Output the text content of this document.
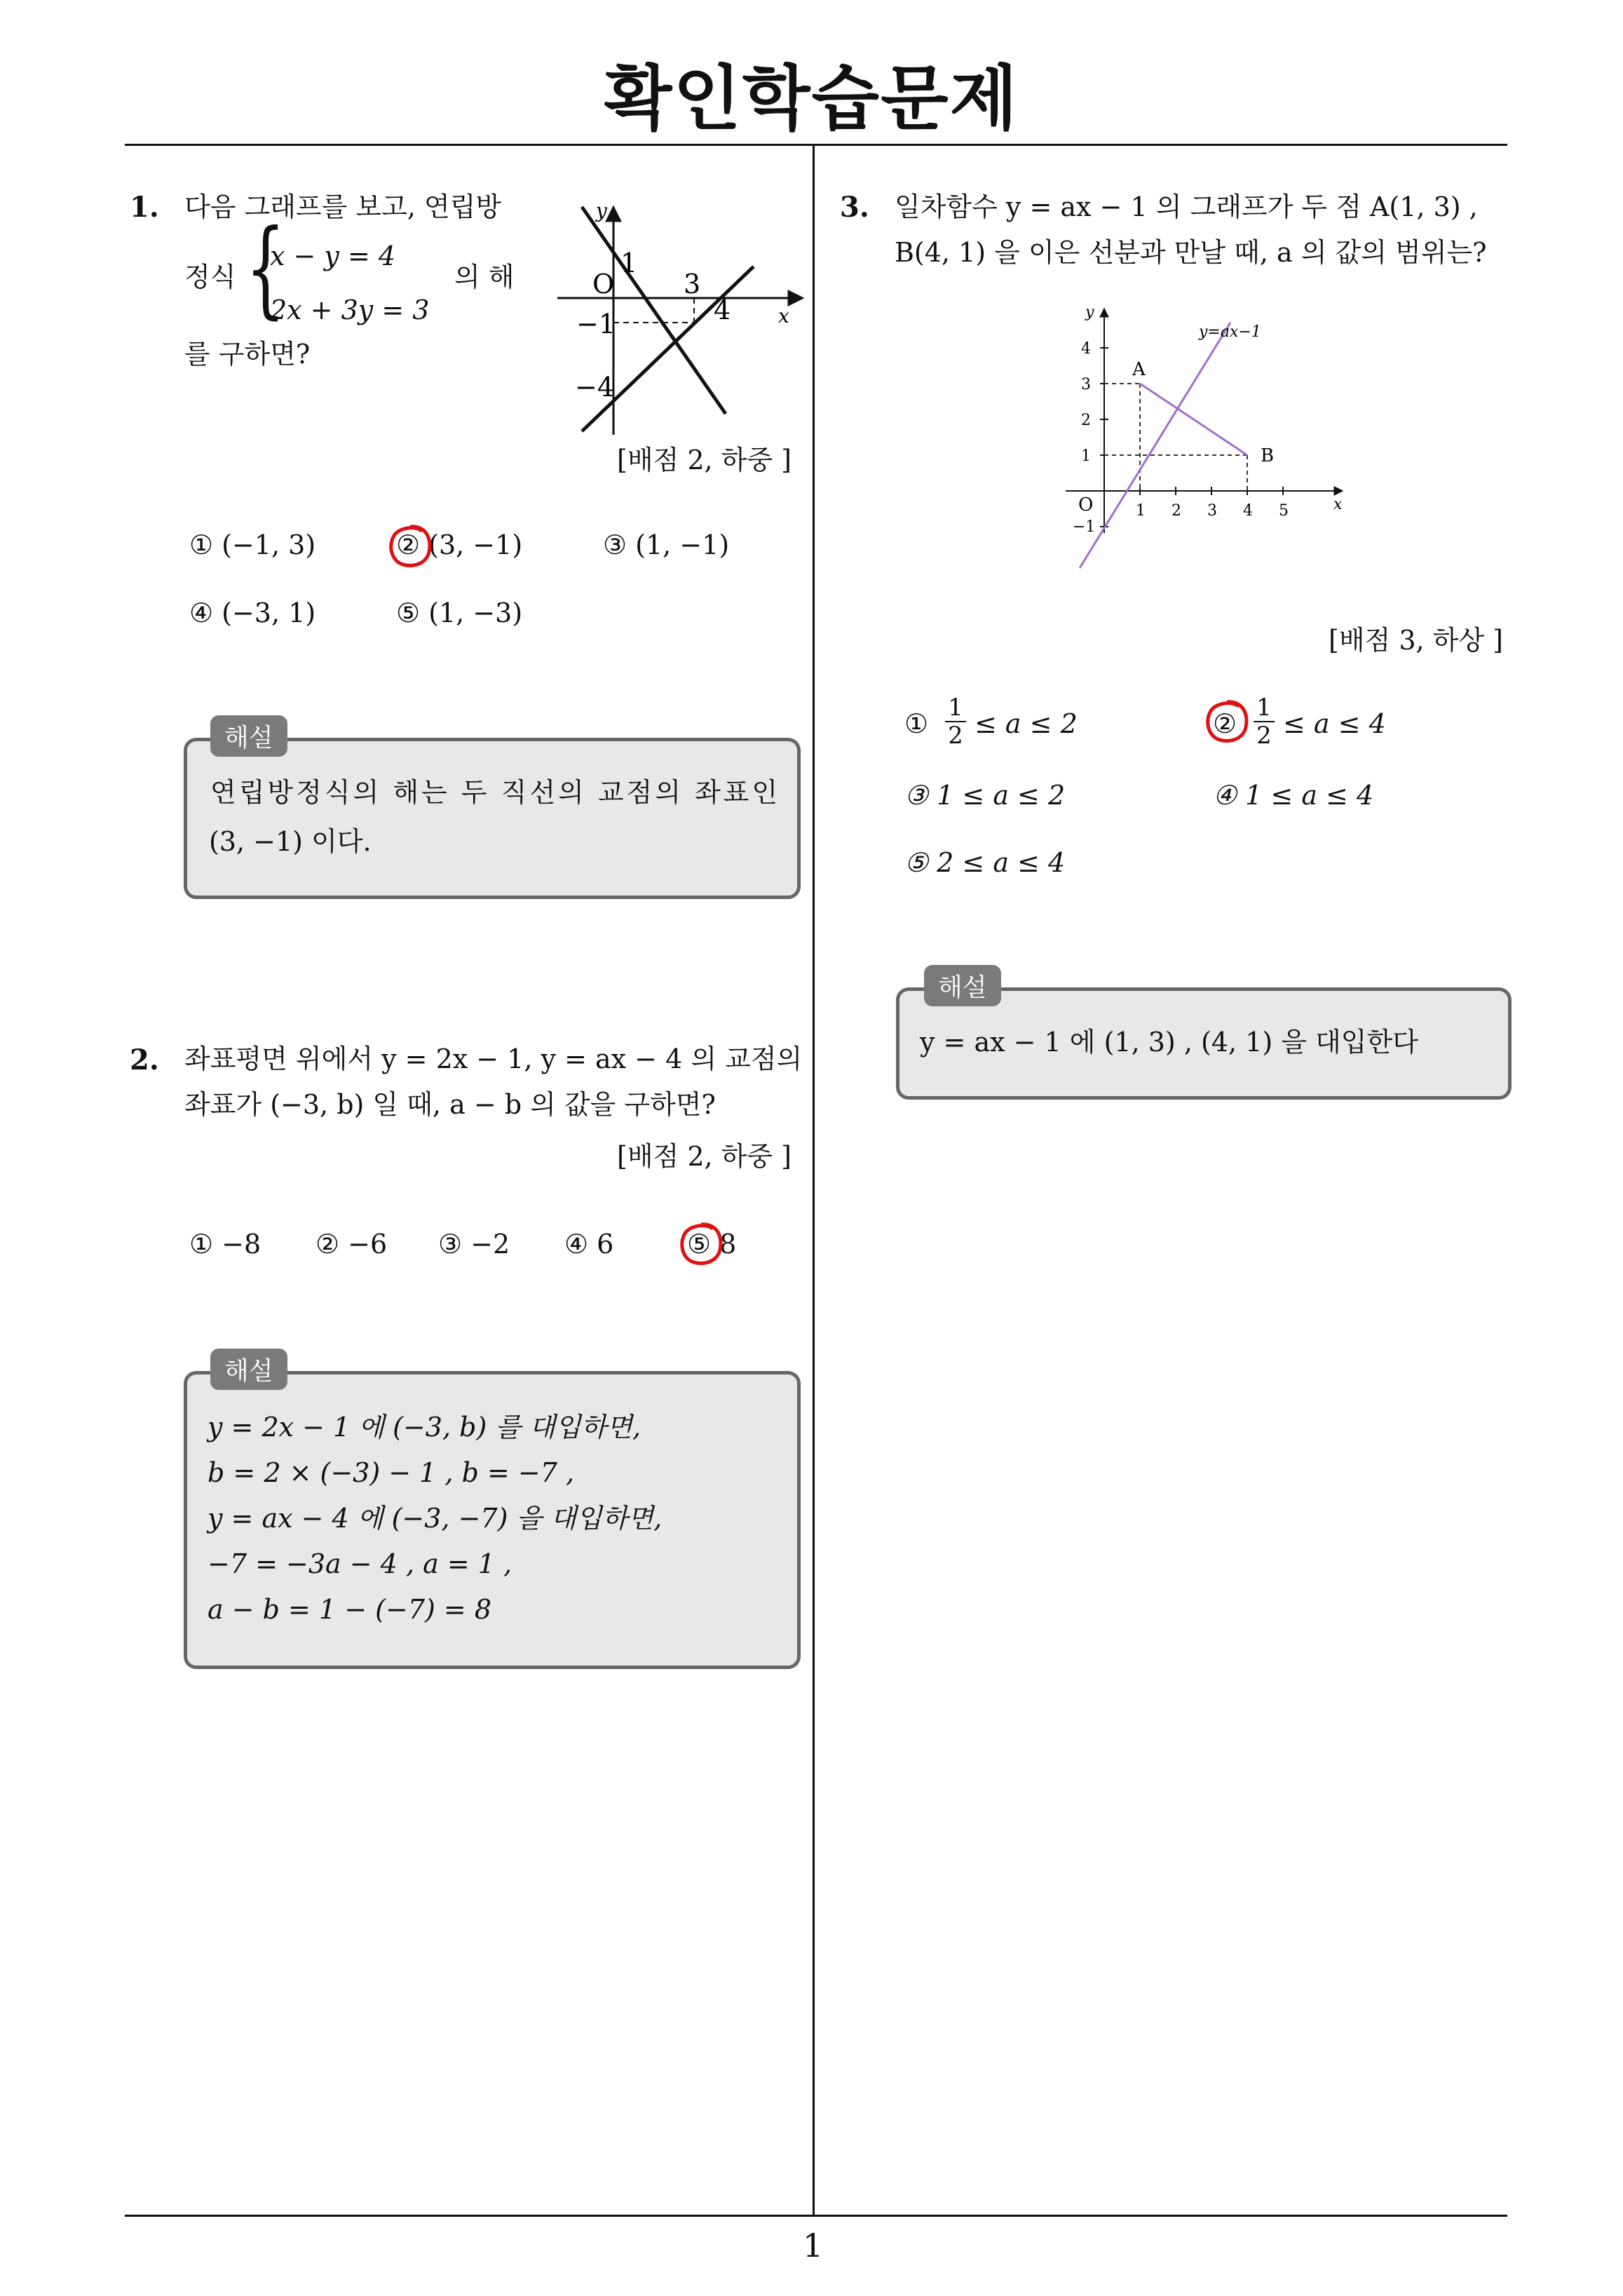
확인학습문제
1
1. 다음 그래프를 보고, 연립방
정식 {
x − y = 4
2x + 3y = 3
의 해
를 구하면?
y
x
O
1
3
4
−1
−4
[배점 2, 하중 ]
① (−1, 3)	② (3, −1)	③ (1, −1)
④ (−3, 1)	⑤ (1, −3)
해설
연립방정식의 해는 두 직선의 교점의 좌표인
(3, −1) 이다.
2. 좌표평면 위에서 y = 2x − 1, y = ax − 4 의 교점의
좌표가 (−3, b) 일 때, a − b 의 값을 구하면?
[배점 2, 하중 ]
① −8 ② −6 ③ −2 ④ 6	⑤ 8
해설
y = 2x − 1 에 (−3, b) 를 대입하면,
b = 2 × (−3) − 1 , b = −7 ,
y = ax − 4 에 (−3, −7) 을 대입하면,
−7 = −3a − 4 , a = 1 ,
a − b = 1 − (−7) = 8
3. 일차함수 y = ax − 1 의 그래프가 두 점 A(1, 3) ,
B(4, 1) 을 이은 선분과 만날 때, a 의 값의 범위는?
y
x
O
y=ax−1
A
B
1 2 3 4 5
4
3
2
1
−1
[배점 3, 하상 ]
① $\frac{1}{2} \le a \le 2$	② $\frac{1}{2} \le a \le 4$
③ 1 ≤ a ≤ 2	④ 1 ≤ a ≤ 4
⑤ 2 ≤ a ≤ 4
해설
y = ax − 1 에 (1, 3) , (4, 1) 을 대입한다
